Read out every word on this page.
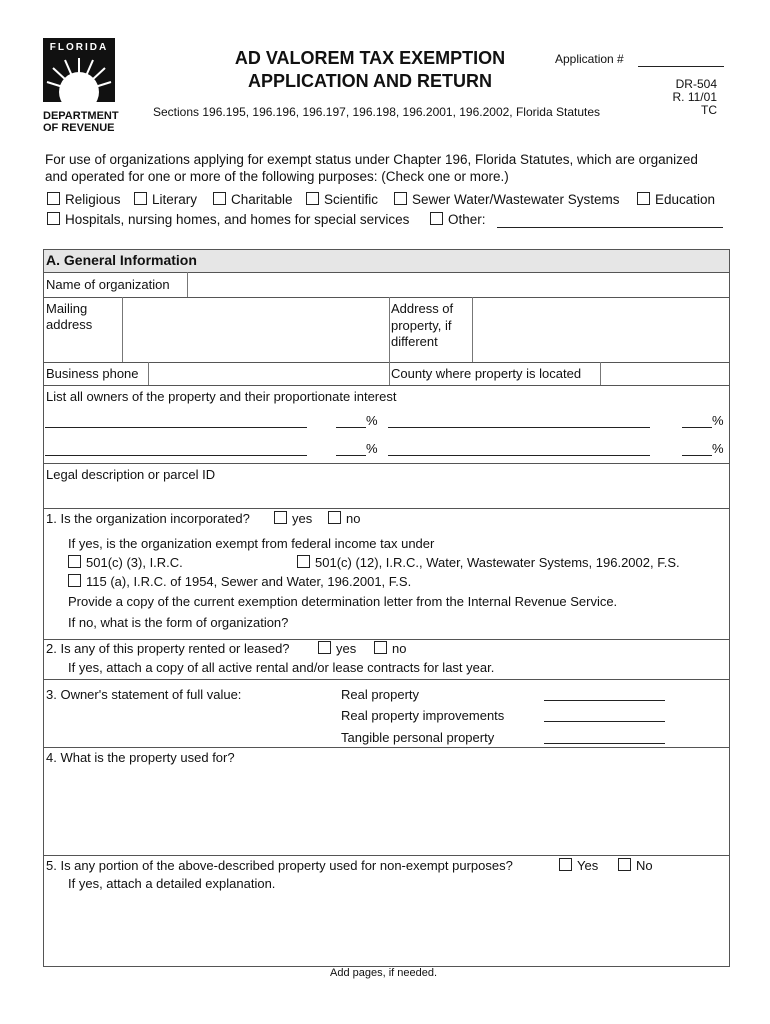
FLORIDA
DEPARTMENT
OF REVENUE
AD VALOREM TAX EXEMPTION
APPLICATION AND RETURN
Application #
DR-504
R. 11/01
TC
Sections 196.195, 196.196, 196.197, 196.198, 196.2001, 196.2002, Florida Statutes
For use of organizations applying for exempt status under Chapter 196, Florida Statutes, which are organized
and operated for one or more of the following purposes: (Check one or more.)
Religious	Literary	Charitable	Scientific	Sewer Water/Wastewater Systems	Education
Hospitals, nursing homes, and homes for special services	Other:
A. General Information
Name of organization
Mailing
address
Address of
property, if
different
Business phone	County where property is located
List all owners of the property and their proportionate interest
%	%
%	%
Legal description or parcel ID
1. Is the organization incorporated?	yes	no
If yes, is the organization exempt from federal income tax under
501(c) (3), I.R.C.	501(c) (12), I.R.C., Water, Wastewater Systems, 196.2002, F.S.
115 (a), I.R.C. of 1954, Sewer and Water, 196.2001, F.S.
Provide a copy of the current exemption determination letter from the Internal Revenue Service.
If no, what is the form of organization?
2. Is any of this property rented or leased?	yes	no
If yes, attach a copy of all active rental and/or lease contracts for last year.
3. Owner's statement of full value:	Real property
Real property improvements
Tangible personal property
4. What is the property used for?
5. Is any portion of the above-described property used for non-exempt purposes?	Yes	No
If yes, attach a detailed explanation.
Add pages, if needed.
